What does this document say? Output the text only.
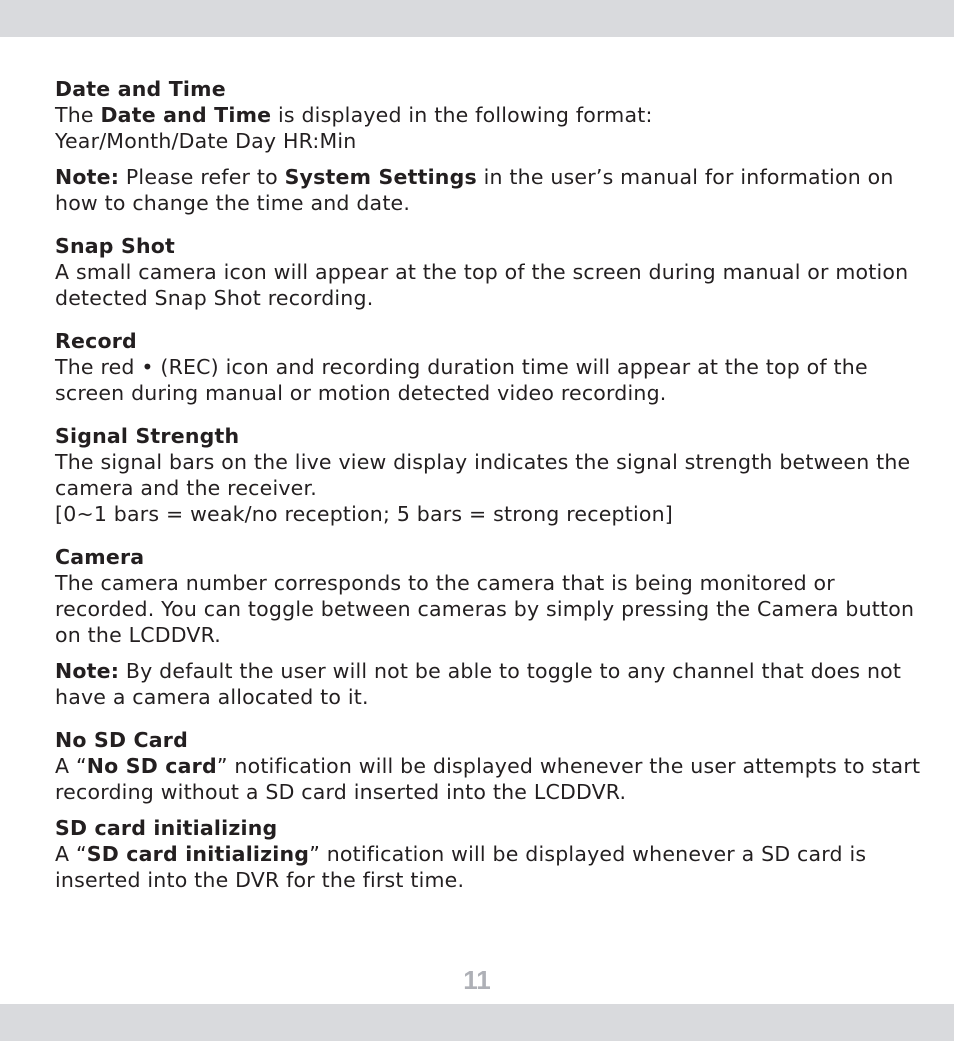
Date and Time

The Date and Time is displayed in the following format:

Year/Month/Date Day HR:Min

Note: Please refer to System Settings in the user’s manual for information on how to change the time and date.

Snap Shot

A small camera icon will appear at the top of the screen during manual or motion detected Snap Shot recording.

Record

The red • (REC) icon and recording duration time will appear at the top of the screen during manual or motion detected video recording.

Signal Strength

The signal bars on the live view display indicates the signal strength between the camera and the receiver.

[0~1 bars = weak/no reception; 5 bars = strong reception]

Camera

The camera number corresponds to the camera that is being monitored or recorded. You can toggle between cameras by simply pressing the Camera button on the LCDDVR.

Note: By default the user will not be able to toggle to any channel that does not have a camera allocated to it.

No SD Card

A “No SD card” notification will be displayed whenever the user attempts to start recording without a SD card inserted into the LCDDVR.

SD card initializing

A “SD card initializing” notification will be displayed whenever a SD card is inserted into the DVR for the first time.

11
